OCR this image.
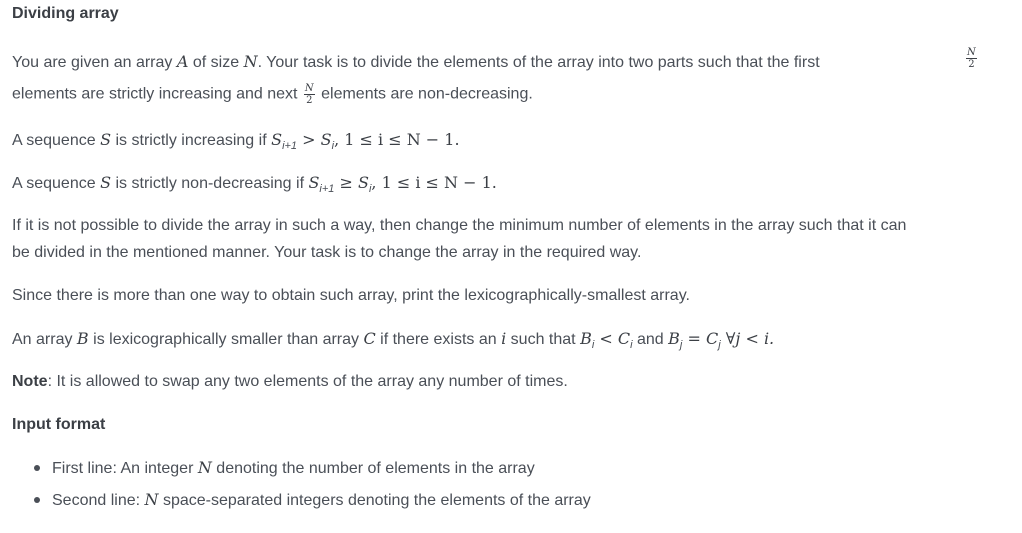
Dividing array
You are given an array A of size N. Your task is to divide the elements of the array into two parts such that the first	$\frac{N}{2}$
elements are strictly increasing and next $\frac{N}{2}$ elements are non-decreasing.
A sequence S is strictly increasing if $S_{i+1} > S_i$, 1 ≤ i ≤ N − 1.
A sequence S is strictly non-decreasing if $S_{i+1} \ge S_i$, 1 ≤ i ≤ N − 1.
If it is not possible to divide the array in such a way, then change the minimum number of elements in the array such that it can
be divided in the mentioned manner. Your task is to change the array in the required way.
Since there is more than one way to obtain such array, print the lexicographically-smallest array.
An array B is lexicographically smaller than array C if there exists an i such that $B_i < C_i$ and $B_j = C_j$ ∀j < i.
Note: It is allowed to swap any two elements of the array any number of times.
Input format
First line: An integer N denoting the number of elements in the array
Second line: N space-separated integers denoting the elements of the array
